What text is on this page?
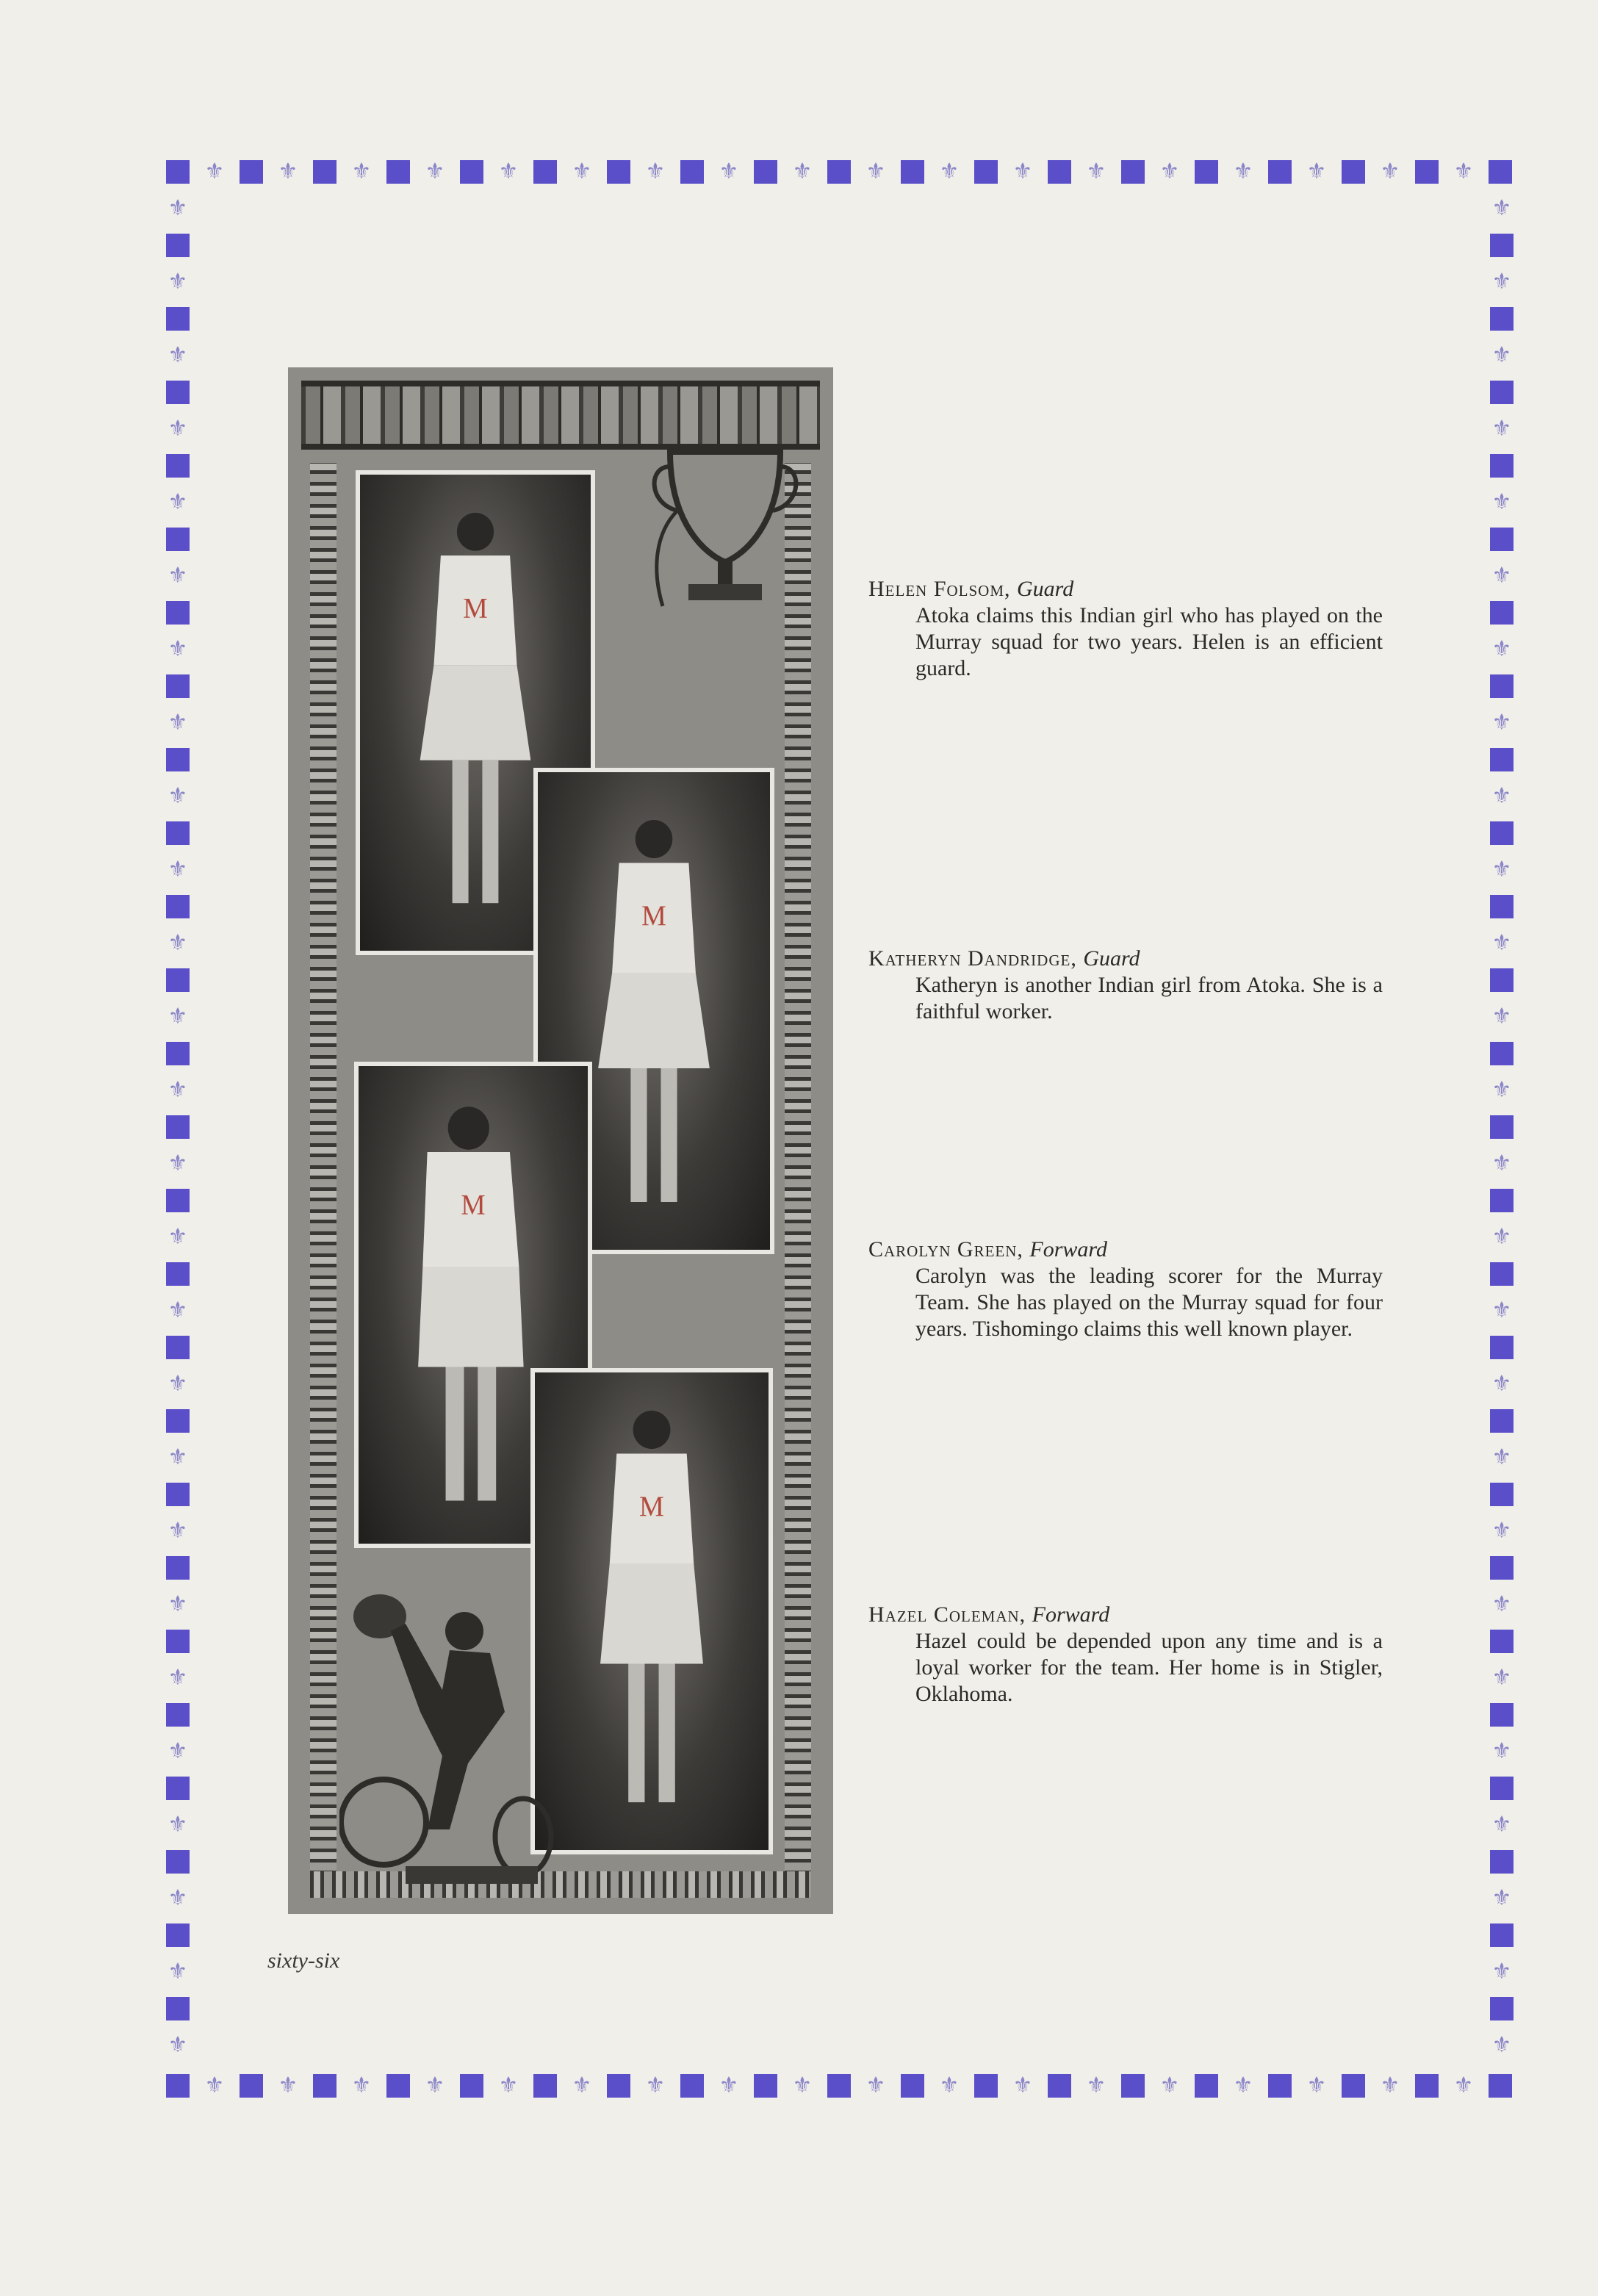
⚜ ⚜ ⚜ ⚜ ⚜ ⚜ ⚜ ⚜ ⚜ ⚜ ⚜ ⚜ ⚜ ⚜ ⚜ ⚜ ⚜ ⚜
⚜ ⚜ ⚜ ⚜ ⚜ ⚜ ⚜ ⚜ ⚜ ⚜ ⚜ ⚜ ⚜ ⚜ ⚜ ⚜ ⚜ ⚜
⚜
⚜
⚜
⚜
⚜
⚜
⚜
⚜
⚜
⚜
⚜
⚜
⚜
⚜
⚜
⚜
⚜
⚜
⚜
⚜
⚜
⚜
⚜
⚜
⚜
⚜
⚜
⚜
⚜
⚜
⚜
⚜
⚜
⚜
⚜
⚜
⚜
⚜
⚜
⚜
⚜
⚜
⚜
⚜
⚜
⚜
⚜
⚜
⚜
⚜
⚜
⚜
M
M
M
M
Helen Folsom, Guard
Atoka claims this Indian girl who has played on the Murray squad for two years. Helen is an efficient guard.
Katheryn Dandridge, Guard
Katheryn is another Indian girl from Atoka. She is a faithful worker.
Carolyn Green, Forward
Carolyn was the leading scorer for the Murray Team. She has played on the Murray squad for four years. Tishomingo claims this well known player.
Hazel Coleman, Forward
Hazel could be depended upon any time and is a loyal worker for the team. Her home is in Stigler, Oklahoma.
sixty-six
